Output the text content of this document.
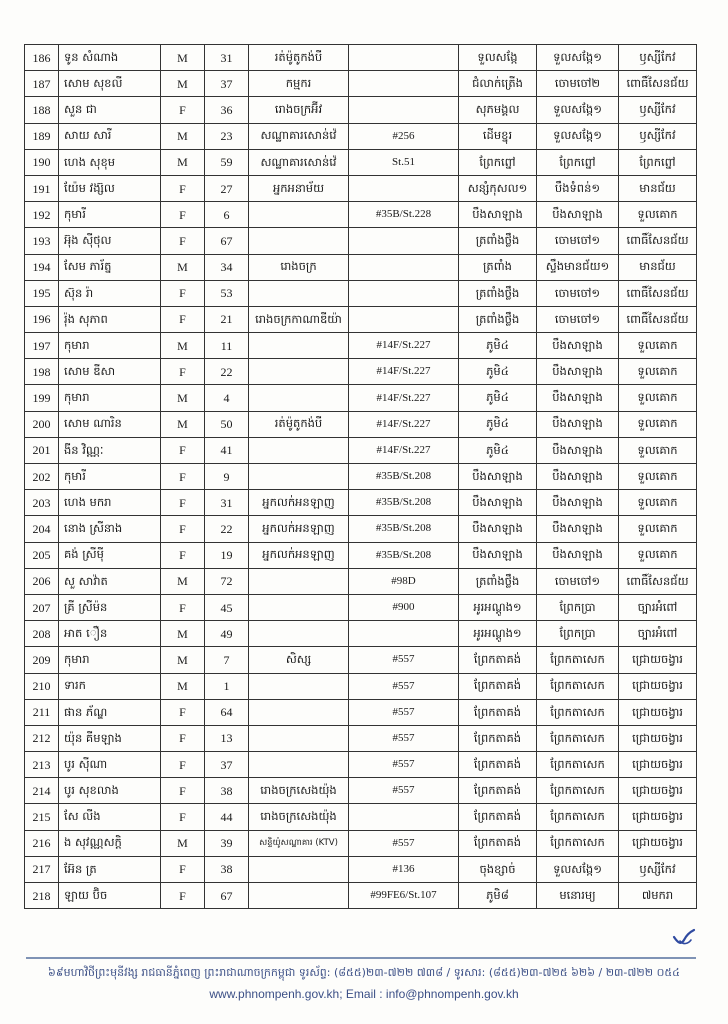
186	ទូន សំណាង	M	31	រត់ម៉ូតូកង់បី		ទួលសង្កែ	ទួលសង្កែ១	ឫស្សីកែវ
187	សោម សុខលី	M	37	កម្មករ		ជំលាក់ត្រើង	ចោមចៅ២	ពោធិ៍សែនជ័យ
188	សួន ជា	F	36	រោងចក្រអ៊ីវ		សុភមង្គល	ទួលសង្កែ១	ឫស្សីកែវ
189	សាយ សារី	M	23	សណ្ឋាគារសោន់វ៉េ	#256	ដើមខ្នុរ	ទួលសង្កែ១	ឫស្សីកែវ
190	ហេង សុខុម	M	59	សណ្ឋាគារសោន់វ៉េ	St.51	ព្រែកព្នៅ	ព្រែកព្នៅ	ព្រែកព្នៅ
191	យ៉ែម វង្ស៊ល	F	27	អ្នកអនាម័យ		សន្សំកុសល១	បឹងទំពន់១	មានជ័យ
192	កុមារី	F	6		#35B/St.228	បឹងសាឡាង	បឹងសាឡាង	ទួលគោក
193	អ៊ុង ស៊ីថុល	F	67			ត្រពាំងថ្លឹង	ចោមចៅ១	ពោធិ៍សែនជ័យ
194	សែម ភារ័ត្ន	M	34	រោងចក្រ		ត្រពាំង	ស្ទឹងមានជ័យ១	មានជ័យ
195	ស៊ុន រ៉ា	F	53			ត្រពាំងថ្លឹង	ចោមចៅ១	ពោធិ៍សែនជ័យ
196	រ៉ុង សុភាព	F	21	រោងចក្រកាណាឌីយ៉ា		ត្រពាំងថ្លឹង	ចោមចៅ១	ពោធិ៍សែនជ័យ
197	កុមារា	M	11		#14F/St.227	ភូមិ៤	បឹងសាឡាង	ទួលគោក
198	សោម ឌីសា	F	22		#14F/St.227	ភូមិ៤	បឹងសាឡាង	ទួលគោក
199	កុមារា	M	4		#14F/St.227	ភូមិ៤	បឹងសាឡាង	ទួលគោក
200	សោម ណារិន	M	50	រត់ម៉ូតូកង់បី	#14F/St.227	ភូមិ៤	បឹងសាឡាង	ទួលគោក
201	ងីន វិណ្ណៈ	F	41		#14F/St.227	ភូមិ៤	បឹងសាឡាង	ទួលគោក
202	កុមារី	F	9		#35B/St.208	បឹងសាឡាង	បឹងសាឡាង	ទួលគោក
203	ហេង មករា	F	31	អ្នកលក់អនឡាញ	#35B/St.208	បឹងសាឡាង	បឹងសាឡាង	ទួលគោក
204	នោង ស្រីនាង	F	22	អ្នកលក់អនឡាញ	#35B/St.208	បឹងសាឡាង	បឹងសាឡាង	ទួលគោក
205	គង់ ស្រីម៉ី	F	19	អ្នកលក់អនឡាញ	#35B/St.208	បឹងសាឡាង	បឹងសាឡាង	ទួលគោក
206	សួ សាវ៉ាត	M	72		#98D	ត្រពាំងថ្លឹង	ចោមចៅ១	ពោធិ៍សែនជ័យ
207	គ្រី ស្រីម៉ន	F	45		#900	អូរអណ្តូង១	ព្រែកប្រា	ច្បារអំពៅ
208	អាត ឿន	M	49			អូរអណ្តូង១	ព្រែកប្រា	ច្បារអំពៅ
209	កុមារា	M	7	សិស្ស	#557	ព្រែកតាគង់	ព្រែកតាសេក	ជ្រោយចង្វារ
210	ទារក	M	1		#557	ព្រែកតាគង់	ព្រែកតាសេក	ជ្រោយចង្វារ
211	ផាន ភ័ណ្ឌ	F	64		#557	ព្រែកតាគង់	ព្រែកតាសេក	ជ្រោយចង្វារ
212	យ៉ុន គីមឡាង	F	13		#557	ព្រែកតាគង់	ព្រែកតាសេក	ជ្រោយចង្វារ
213	បូរ ស៊ីណា	F	37		#557	ព្រែកតាគង់	ព្រែកតាសេក	ជ្រោយចង្វារ
214	បូរ សុខលាង	F	38	រោងចក្រសេងយ៉ុង	#557	ព្រែកតាគង់	ព្រែកតាសេក	ជ្រោយចង្វារ
215	សែ លីង	F	44	រោងចក្រសេងយ៉ុង		ព្រែកតាគង់	ព្រែកតាសេក	ជ្រោយចង្វារ
216	ង សុវណ្ណសក្តិ	M	39	សន្ទិយ៉ូសណ្ឋាគារ (KTV)	#557	ព្រែកតាគង់	ព្រែកតាសេក	ជ្រោយចង្វារ
217	អ៊ែន ត្រ	F	38		#136	ចុងខ្សាច់	ទួលសង្កែ១	ឫស្សីកែវ
218	ឡាយ ប៊ិច	F	67		#99FE6/St.107	ភូមិ៨	មនោរម្យ	៧មករា
៦៩មហាវិថីព្រះមុនីវង្ស រាជធានីភ្នំពេញ ព្រះរាជាណាចក្រកម្ពុជា ទូរស័ព្ទ: (៨៥៥)២៣-៧២២ ៧៣៨ / ទូរសារ: (៨៥៥)២៣-៧២៥ ៦២៦ / ២៣-៧២២ ០៥៤
www.phnompenh.gov.kh; Email : info@phnompenh.gov.kh
